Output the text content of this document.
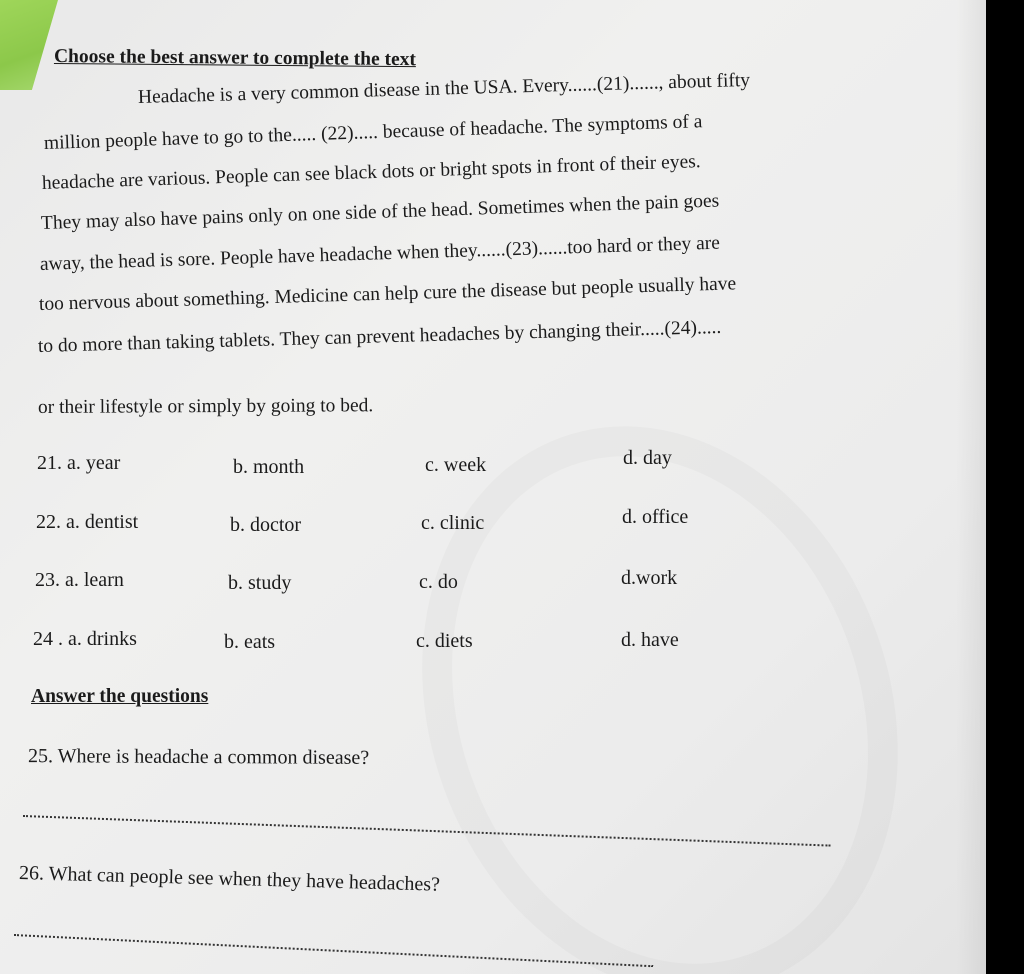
Choose the best answer to complete the text
Headache is a very common disease in the USA. Every......(21)......, about fifty
million people have to go to the..... (22)..... because of headache. The symptoms of a
headache are various. People can see black dots or bright spots in front of their eyes.
They may also have pains only on one side of the head. Sometimes when the pain goes
away, the head is sore. People have headache when they......(23)......too hard or they are
too nervous about something. Medicine can help cure the disease but people usually have
to do more than taking tablets. They can prevent headaches by changing their.....(24).....
or their lifestyle or simply by going to bed.
21. a. year	b. month	c. week	d. day
22. a. dentist	b. doctor	c. clinic	d. office
23. a. learn	b. study	c. do	d.work
24 . a. drinks	b. eats	c. diets	d. have
Answer the questions
25. Where is headache a common disease?
26. What can people see when they have headaches?
